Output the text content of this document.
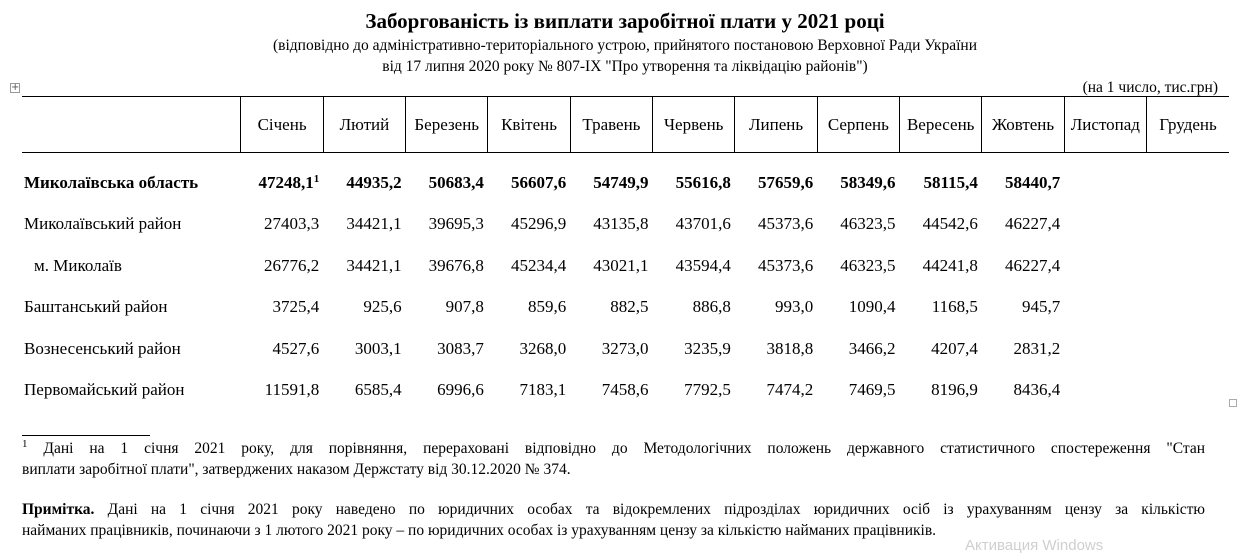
Заборгованість із виплати заробітної плати у 2021 році
(відповідно до адміністративно-територіального устрою, прийнятого постановою Верховної Ради України
від 17 липня 2020 року № 807-IX "Про утворення та ліквідацію районів")
+	(на 1 число, тис.грн)
	Січень	Лютий	Березень	Квітень	Травень	Червень	Липень	Серпень	Вересень	Жовтень	Листопад	Грудень
Миколаївська область	47248,1$^1$	44935,2	50683,4	56607,6	54749,9	55616,8	57659,6	58349,6	58115,4	58440,7		
Миколаївський район	27403,3	34421,1	39695,3	45296,9	43135,8	43701,6	45373,6	46323,5	44542,6	46227,4		
м. Миколаїв	26776,2	34421,1	39676,8	45234,4	43021,1	43594,4	45373,6	46323,5	44241,8	46227,4		
Баштанський район	3725,4	925,6	907,8	859,6	882,5	886,8	993,0	1090,4	1168,5	945,7		
Вознесенський район	4527,6	3003,1	3083,7	3268,0	3273,0	3235,9	3818,8	3466,2	4207,4	2831,2		
Первомайський район	11591,8	6585,4	6996,6	7183,1	7458,6	7792,5	7474,2	7469,5	8196,9	8436,4		
$^1$ Дані на 1 січня 2021 року, для порівняння, перераховані відповідно до Методологічних положень державного статистичного спостереження "Стан
виплати заробітної плати", затверджених наказом Держстату від 30.12.2020 № 374.
Примітка. Дані на 1 січня 2021 року наведено по юридичних особах та відокремлених підрозділах юридичних осіб із урахуванням цензу за кількістю
найманих працівників, починаючи з 1 лютого 2021 року – по юридичних особах із урахуванням цензу за кількістю найманих працівників.
Активация Windows
